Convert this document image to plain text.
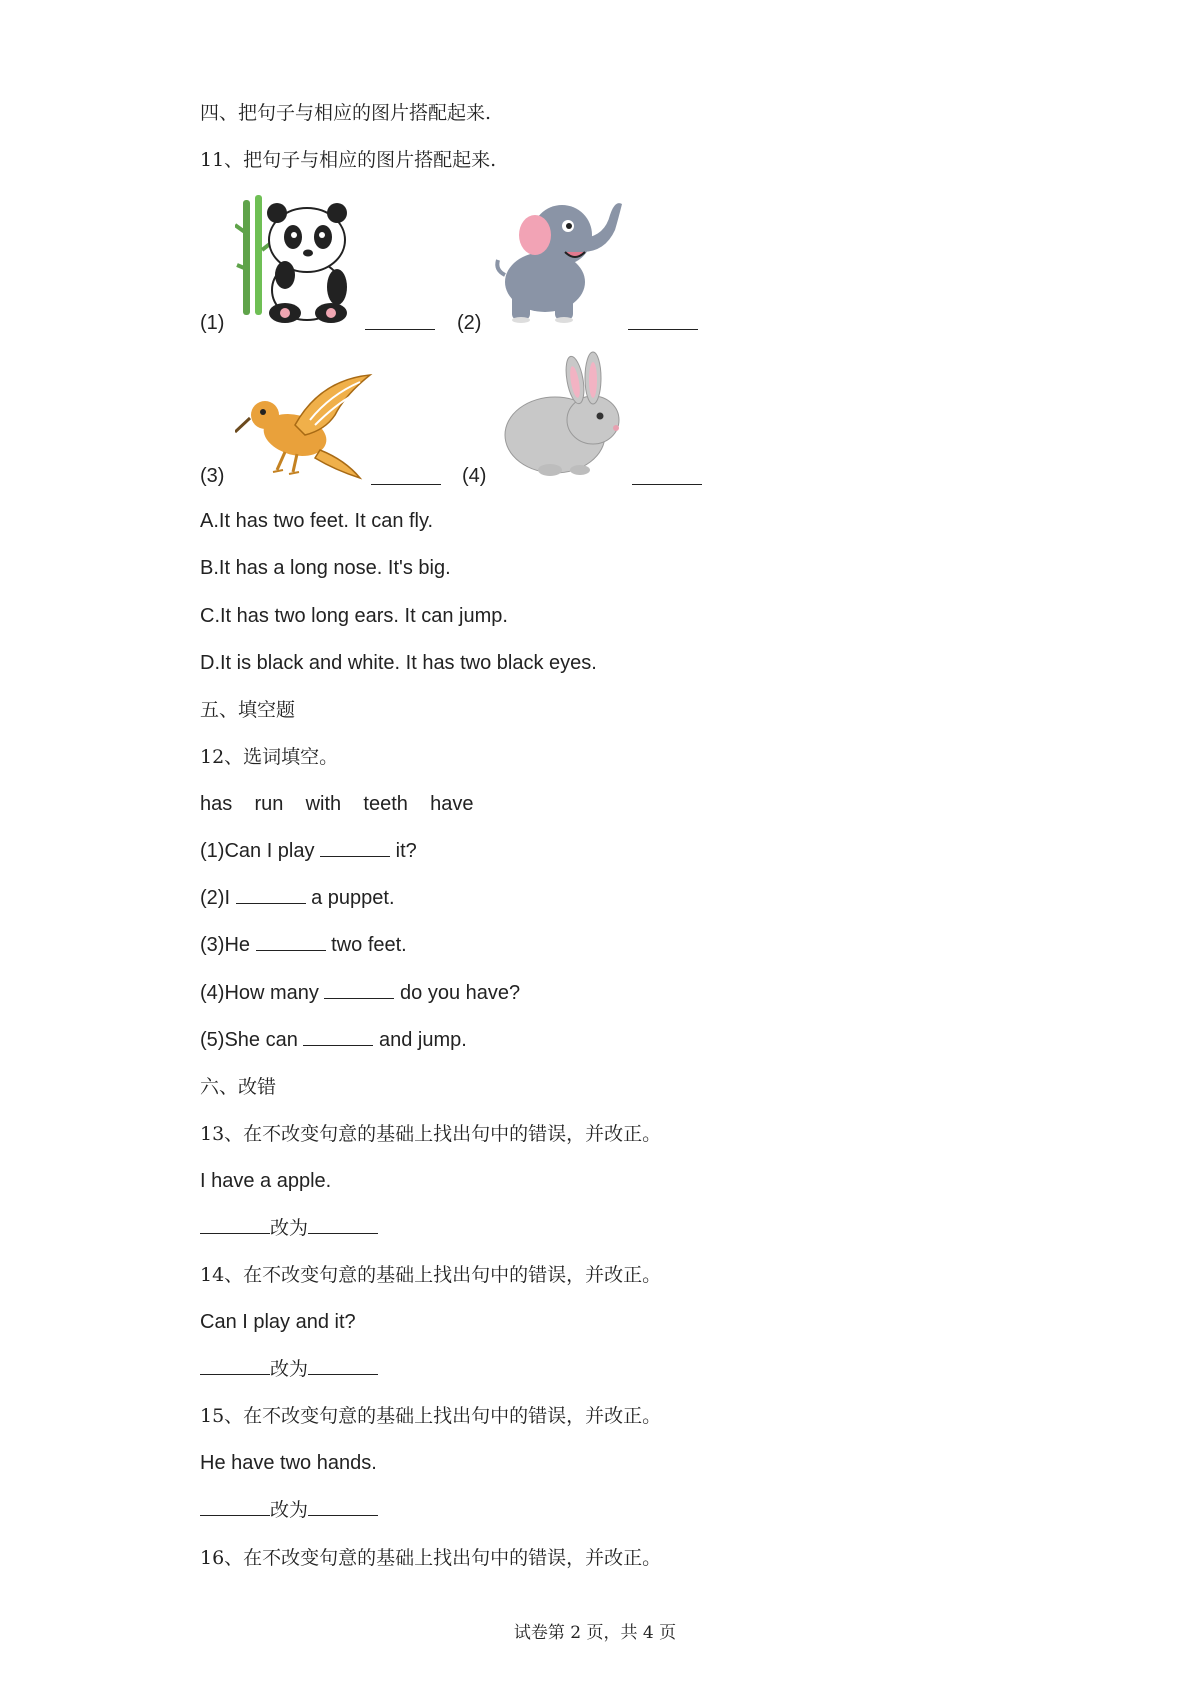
四、把句子与相应的图片搭配起来.
11、把句子与相应的图片搭配起来.
(1)	(2)
(3)	(4)
A.It has two feet. It can fly.
B.It has a long nose. It's big.
C.It has two long ears. It can jump.
D.It is black and white. It has two black eyes.
五、填空题
12、选词填空。
has    run    with    teeth    have
(1)Can I play	it?
(2)I	a puppet.
(3)He	two feet.
(4)How many	do you have?
(5)She can	and jump.
六、改错
13、在不改变句意的基础上找出句中的错误，并改正。
I have a apple.
改为
14、在不改变句意的基础上找出句中的错误，并改正。
Can I play and it?
改为
15、在不改变句意的基础上找出句中的错误，并改正。
He have two hands.
改为
16、在不改变句意的基础上找出句中的错误，并改正。
试卷第 2 页，共 4 页
